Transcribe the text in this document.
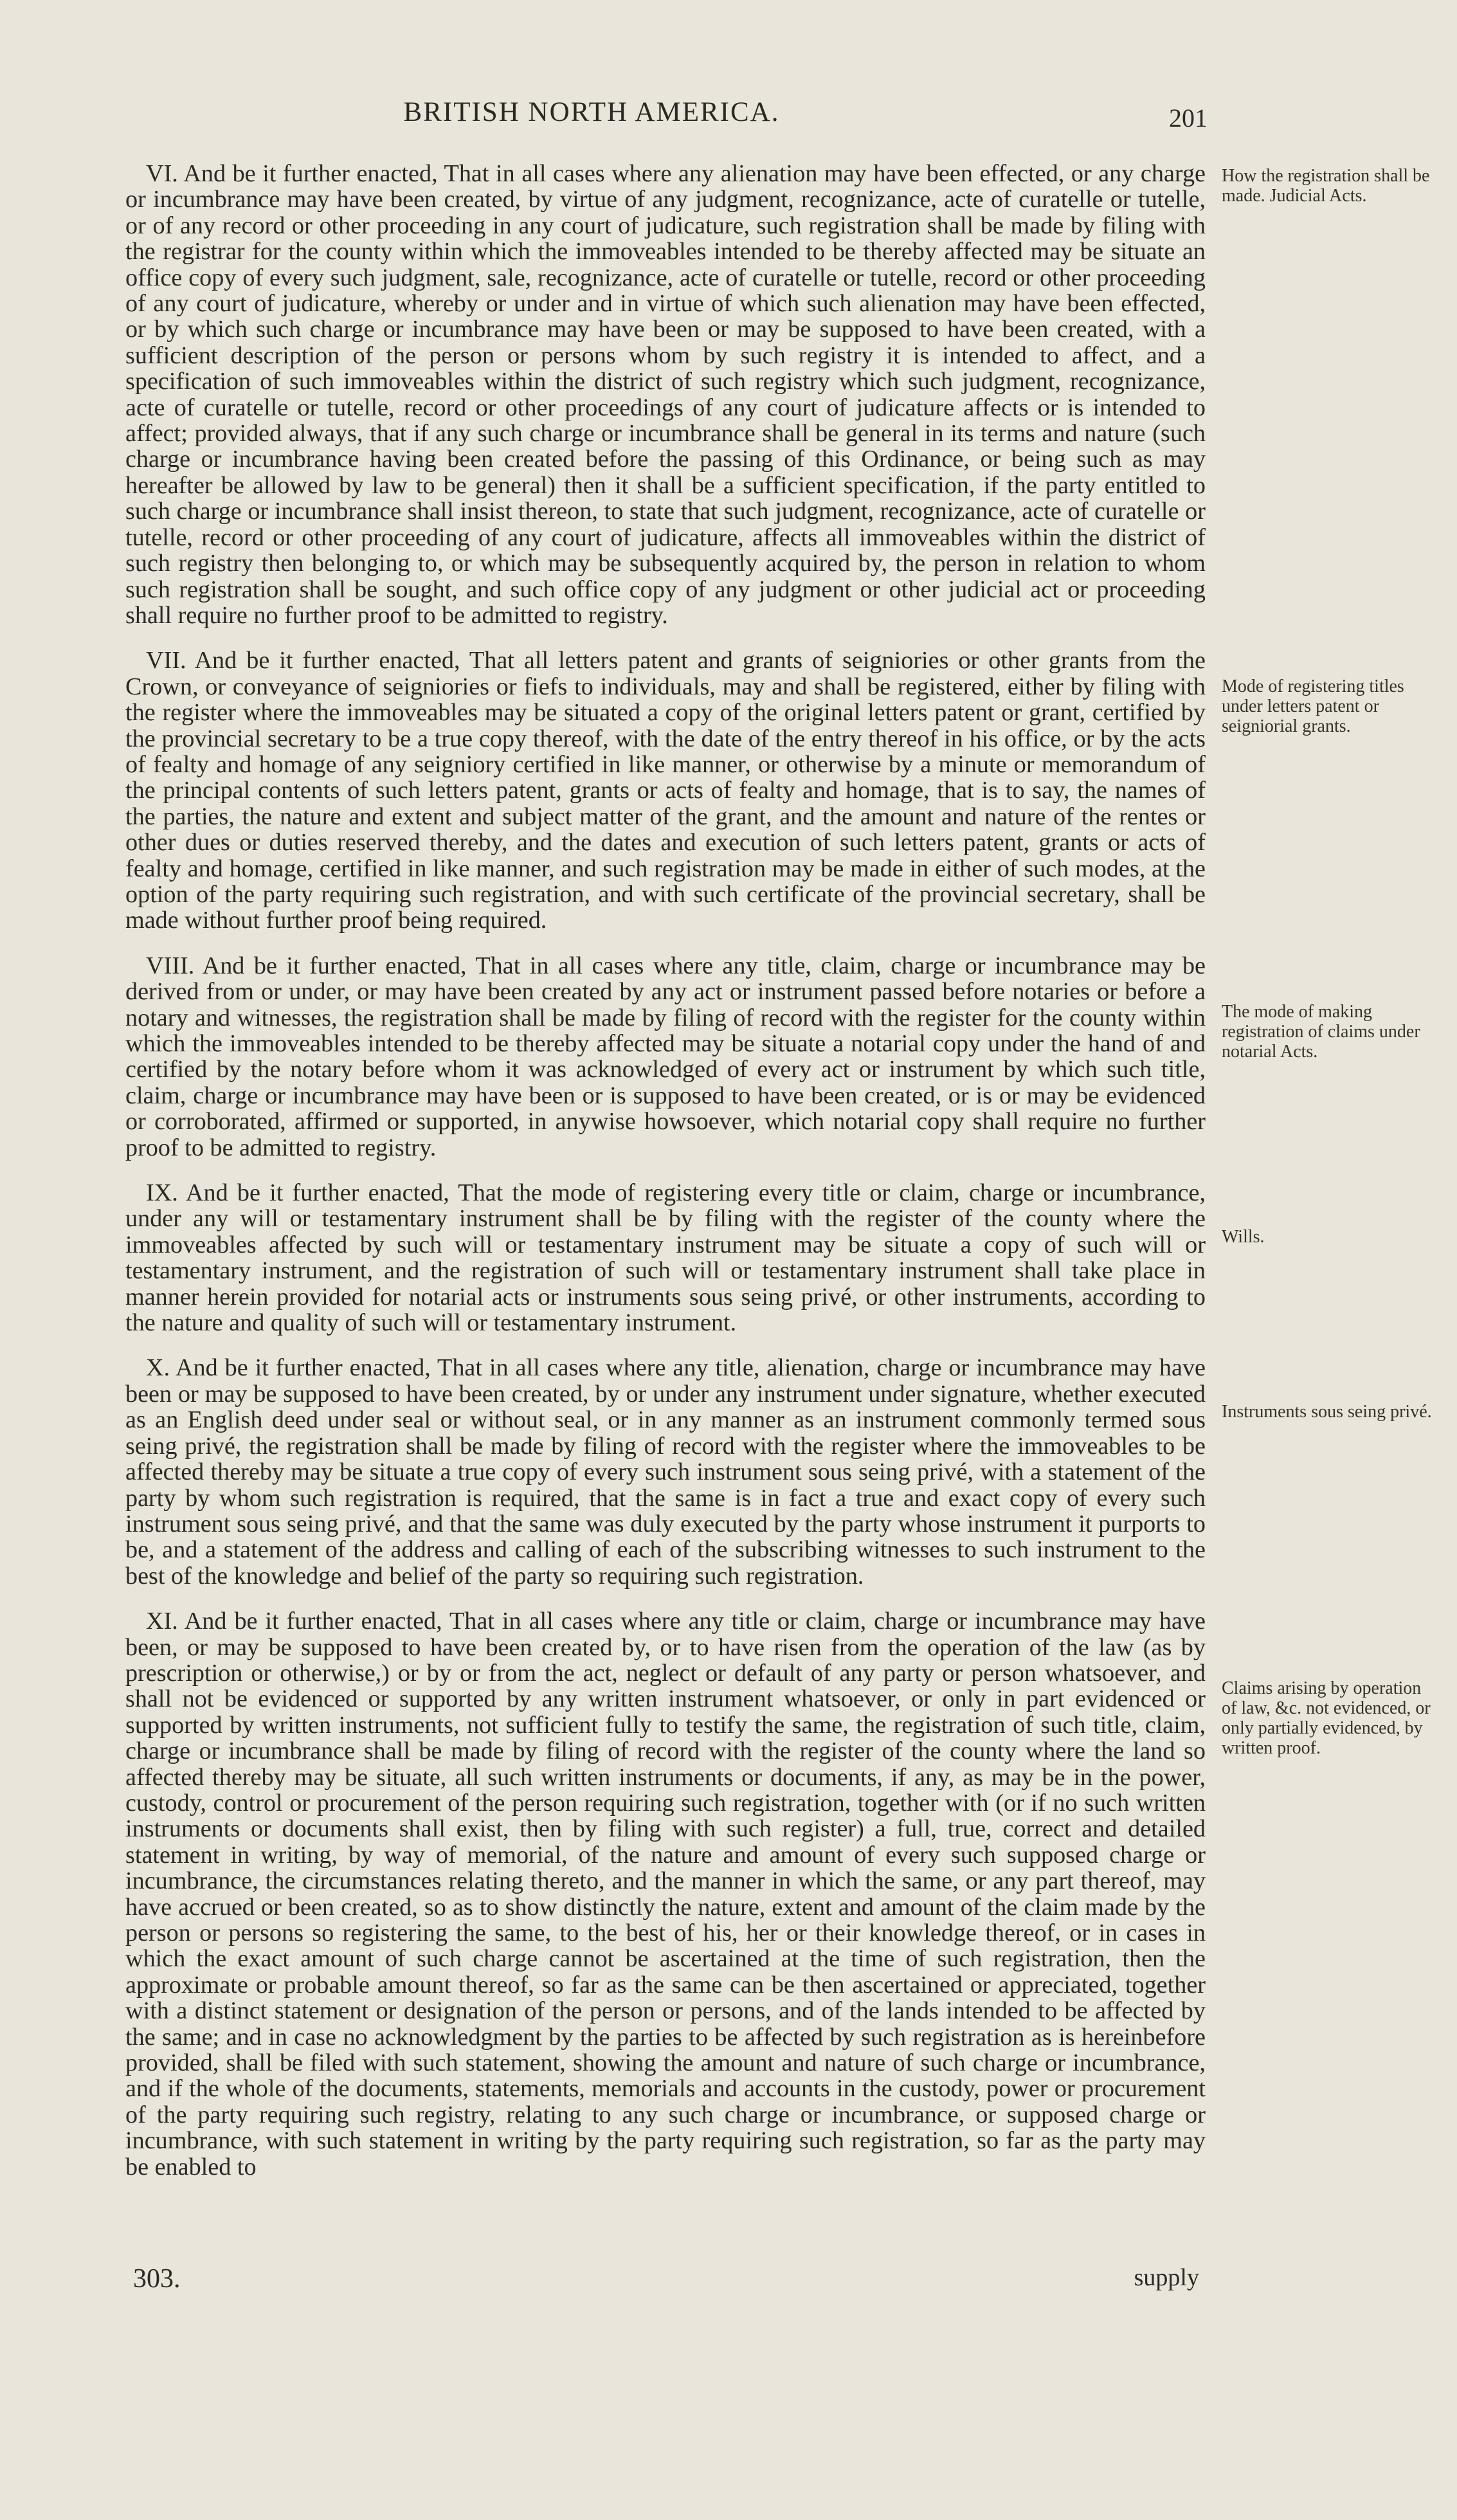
BRITISH NORTH AMERICA.	201

VI. And be it further enacted, That in all cases where any alienation may have been effected, or any charge or incumbrance may have been created, by virtue of any judgment, recognizance, acte of curatelle or tutelle, or of any record or other proceeding in any court of judicature, such registration shall be made by filing with the registrar for the county within which the immoveables intended to be thereby affected may be situate an office copy of every such judgment, sale, recognizance, acte of curatelle or tutelle, record or other proceeding of any court of judicature, whereby or under and in virtue of which such alienation may have been effected, or by which such charge or incumbrance may have been or may be supposed to have been created, with a sufficient description of the person or persons whom by such registry it is intended to affect, and a specification of such immoveables within the district of such registry which such judgment, recognizance, acte of curatelle or tutelle, record or other proceedings of any court of judicature affects or is intended to affect; provided always, that if any such charge or incumbrance shall be general in its terms and nature (such charge or incumbrance having been created before the passing of this Ordinance, or being such as may hereafter be allowed by law to be general) then it shall be a sufficient specification, if the party entitled to such charge or incumbrance shall insist thereon, to state that such judgment, recognizance, acte of curatelle or tutelle, record or other proceeding of any court of judicature, affects all immoveables within the district of such registry then belonging to, or which may be subsequently acquired by, the person in relation to whom such registration shall be sought, and such office copy of any judgment or other judicial act or proceeding shall require no further proof to be admitted to registry.

VII. And be it further enacted, That all letters patent and grants of seigniories or other grants from the Crown, or conveyance of seigniories or fiefs to individuals, may and shall be registered, either by filing with the register where the immoveables may be situated a copy of the original letters patent or grant, certified by the provincial secretary to be a true copy thereof, with the date of the entry thereof in his office, or by the acts of fealty and homage of any seigniory certified in like manner, or otherwise by a minute or memorandum of the principal contents of such letters patent, grants or acts of fealty and homage, that is to say, the names of the parties, the nature and extent and subject matter of the grant, and the amount and nature of the rentes or other dues or duties reserved thereby, and the dates and execution of such letters patent, grants or acts of fealty and homage, certified in like manner, and such registration may be made in either of such modes, at the option of the party requiring such registration, and with such certificate of the provincial secretary, shall be made without further proof being required.

VIII. And be it further enacted, That in all cases where any title, claim, charge or incumbrance may be derived from or under, or may have been created by any act or instrument passed before notaries or before a notary and witnesses, the registration shall be made by filing of record with the register for the county within which the immoveables intended to be thereby affected may be situate a notarial copy under the hand of and certified by the notary before whom it was acknowledged of every act or instrument by which such title, claim, charge or incumbrance may have been or is supposed to have been created, or is or may be evidenced or corroborated, affirmed or supported, in anywise howsoever, which notarial copy shall require no further proof to be admitted to registry.

IX. And be it further enacted, That the mode of registering every title or claim, charge or incumbrance, under any will or testamentary instrument shall be by filing with the register of the county where the immoveables affected by such will or testamentary instrument may be situate a copy of such will or testamentary instrument, and the registration of such will or testamentary instrument shall take place in manner herein provided for notarial acts or instruments sous seing privé, or other instruments, according to the nature and quality of such will or testamentary instrument.

X. And be it further enacted, That in all cases where any title, alienation, charge or incumbrance may have been or may be supposed to have been created, by or under any instrument under signature, whether executed as an English deed under seal or without seal, or in any manner as an instrument commonly termed sous seing privé, the registration shall be made by filing of record with the register where the immoveables to be affected thereby may be situate a true copy of every such instrument sous seing privé, with a statement of the party by whom such registration is required, that the same is in fact a true and exact copy of every such instrument sous seing privé, and that the same was duly executed by the party whose instrument it purports to be, and a statement of the address and calling of each of the subscribing witnesses to such instrument to the best of the knowledge and belief of the party so requiring such registration.

XI. And be it further enacted, That in all cases where any title or claim, charge or incumbrance may have been, or may be supposed to have been created by, or to have risen from the operation of the law (as by prescription or otherwise,) or by or from the act, neglect or default of any party or person whatsoever, and shall not be evidenced or supported by any written instrument whatsoever, or only in part evidenced or supported by written instruments, not sufficient fully to testify the same, the registration of such title, claim, charge or incumbrance shall be made by filing of record with the register of the county where the land so affected thereby may be situate, all such written instruments or documents, if any, as may be in the power, custody, control or procurement of the person requiring such registration, together with (or if no such written instruments or documents shall exist, then by filing with such register) a full, true, correct and detailed statement in writing, by way of memorial, of the nature and amount of every such supposed charge or incumbrance, the circumstances relating thereto, and the manner in which the same, or any part thereof, may have accrued or been created, so as to show distinctly the nature, extent and amount of the claim made by the person or persons so registering the same, to the best of his, her or their knowledge thereof, or in cases in which the exact amount of such charge cannot be ascertained at the time of such registration, then the approximate or probable amount thereof, so far as the same can be then ascertained or appreciated, together with a distinct statement or designation of the person or persons, and of the lands intended to be affected by the same; and in case no acknowledgment by the parties to be affected by such registration as is hereinbefore provided, shall be filed with such statement, showing the amount and nature of such charge or incumbrance, and if the whole of the documents, statements, memorials and accounts in the custody, power or procurement of the party requiring such registry, relating to any such charge or incumbrance, or supposed charge or incumbrance, with such statement in writing by the party requiring such registration, so far as the party may be enabled to

How the registration shall be made. Judicial Acts.

Mode of registering titles under letters patent or seigniorial grants.

The mode of making registration of claims under notarial Acts.

Wills.

Instruments sous seing privé.

Claims arising by operation of law, &c. not evidenced, or only partially evidenced, by written proof.

303.	supply
